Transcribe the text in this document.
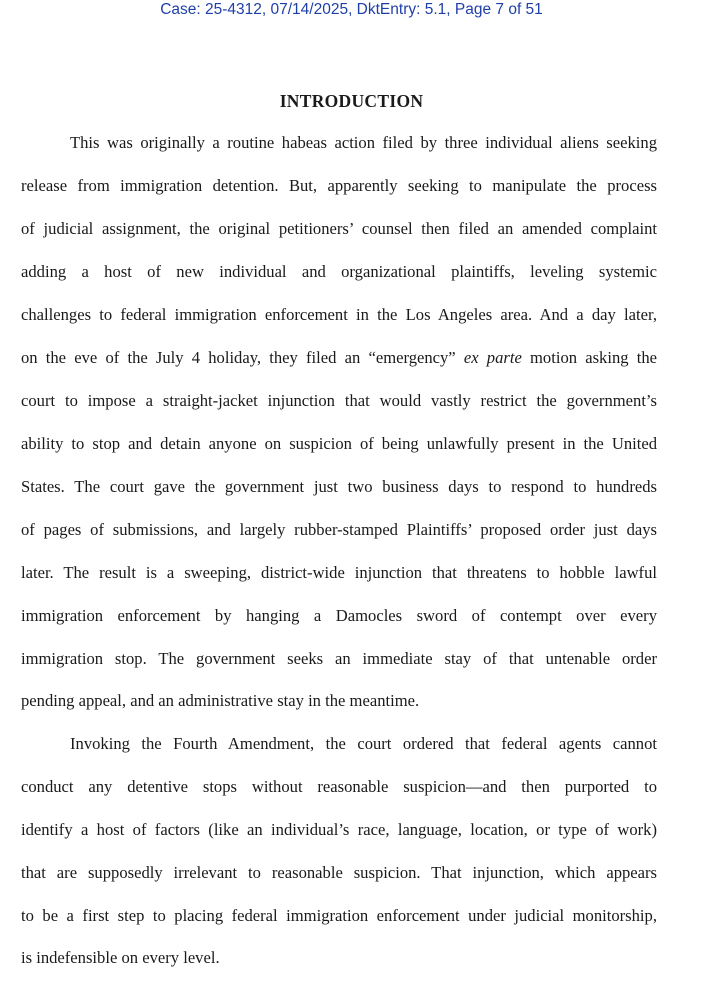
Case: 25-4312, 07/14/2025, DktEntry: 5.1, Page 7 of 51
INTRODUCTION
This was originally a routine habeas action filed by three individual aliens seeking
release from immigration detention. But, apparently seeking to manipulate the process
of judicial assignment, the original petitioners’ counsel then filed an amended complaint
adding a host of new individual and organizational plaintiffs, leveling systemic
challenges to federal immigration enforcement in the Los Angeles area. And a day later,
on the eve of the July 4 holiday, they filed an “emergency” ex parte motion asking the
court to impose a straight-jacket injunction that would vastly restrict the government’s
ability to stop and detain anyone on suspicion of being unlawfully present in the United
States. The court gave the government just two business days to respond to hundreds
of pages of submissions, and largely rubber-stamped Plaintiffs’ proposed order just days
later. The result is a sweeping, district-wide injunction that threatens to hobble lawful
immigration enforcement by hanging a Damocles sword of contempt over every
immigration stop. The government seeks an immediate stay of that untenable order
pending appeal, and an administrative stay in the meantime.
Invoking the Fourth Amendment, the court ordered that federal agents cannot
conduct any detentive stops without reasonable suspicion—and then purported to
identify a host of factors (like an individual’s race, language, location, or type of work)
that are supposedly irrelevant to reasonable suspicion. That injunction, which appears
to be a first step to placing federal immigration enforcement under judicial monitorship,
is indefensible on every level.
